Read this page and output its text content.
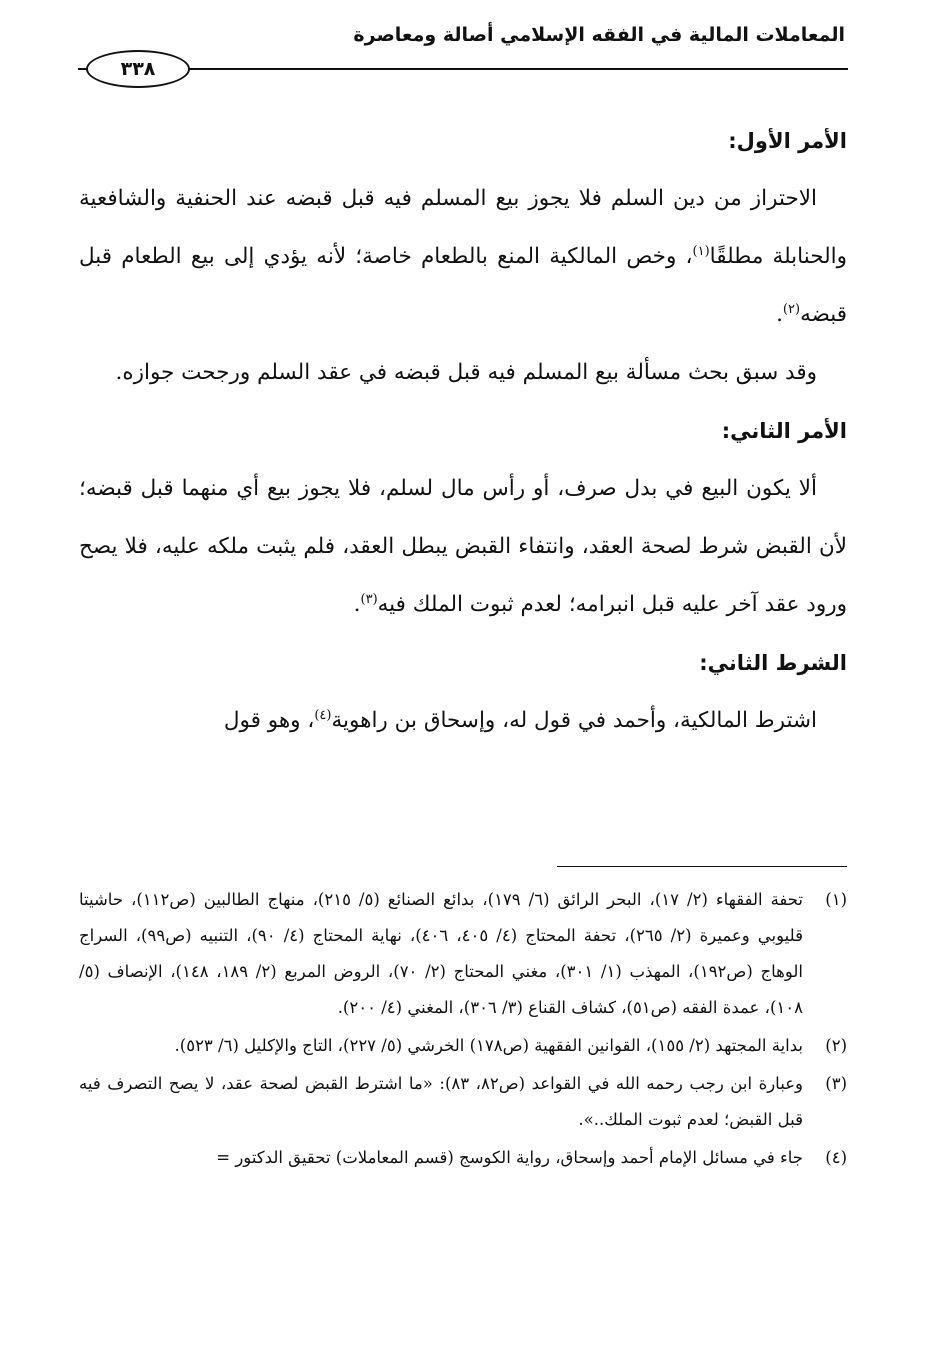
المعاملات المالية في الفقه الإسلامي أصالة ومعاصرة
٣٣٨

الأمر الأول:

الاحتراز من دين السلم فلا يجوز بيع المسلم فيه قبل قبضه عند الحنفية والشافعية والحنابلة مطلقًا$^{(١)}$، وخص المالكية المنع بالطعام خاصة؛ لأنه يؤدي إلى بيع الطعام قبل قبضه$^{(٢)}$.

وقد سبق بحث مسألة بيع المسلم فيه قبل قبضه في عقد السلم ورجحت جوازه.

الأمر الثاني:

ألا يكون البيع في بدل صرف، أو رأس مال لسلم، فلا يجوز بيع أي منهما قبل قبضه؛ لأن القبض شرط لصحة العقد، وانتفاء القبض يبطل العقد، فلم يثبت ملكه عليه، فلا يصح ورود عقد آخر عليه قبل انبرامه؛ لعدم ثبوت الملك فيه$^{(٣)}$.

الشرط الثاني:

اشترط المالكية، وأحمد في قول له، وإسحاق بن راهوية$^{(٤)}$، وهو قول

(١)
تحفة الفقهاء (٢/ ١٧)، البحر الرائق (٦/ ١٧٩)، بدائع الصنائع (٥/ ٢١٥)، منهاج الطالبين (ص١١٢)، حاشيتا قليوبي وعميرة (٢/ ٢٦٥)، تحفة المحتاج (٤/ ٤٠٥، ٤٠٦)، نهاية المحتاج (٤/ ٩٠)، التنبيه (ص٩٩)، السراج الوهاج (ص١٩٢)، المهذب (١/ ٣٠١)، مغني المحتاج (٢/ ٧٠)، الروض المربع (٢/ ١٨٩، ١٤٨)، الإنصاف (٥/ ١٠٨)، عمدة الفقه (ص٥١)، كشاف القناع (٣/ ٣٠٦)، المغني (٤/ ٢٠٠).

(٢)
بداية المجتهد (٢/ ١٥٥)، القوانين الفقهية (ص١٧٨) الخرشي (٥/ ٢٢٧)، التاج والإكليل (٦/ ٥٢٣).

(٣)
وعبارة ابن رجب رحمه الله في القواعد (ص٨٢، ٨٣): «ما اشترط القبض لصحة عقد، لا يصح التصرف فيه قبل القبض؛ لعدم ثبوت الملك..».

(٤)
جاء في مسائل الإمام أحمد وإسحاق، رواية الكوسج (قسم المعاملات) تحقيق الدكتور =
